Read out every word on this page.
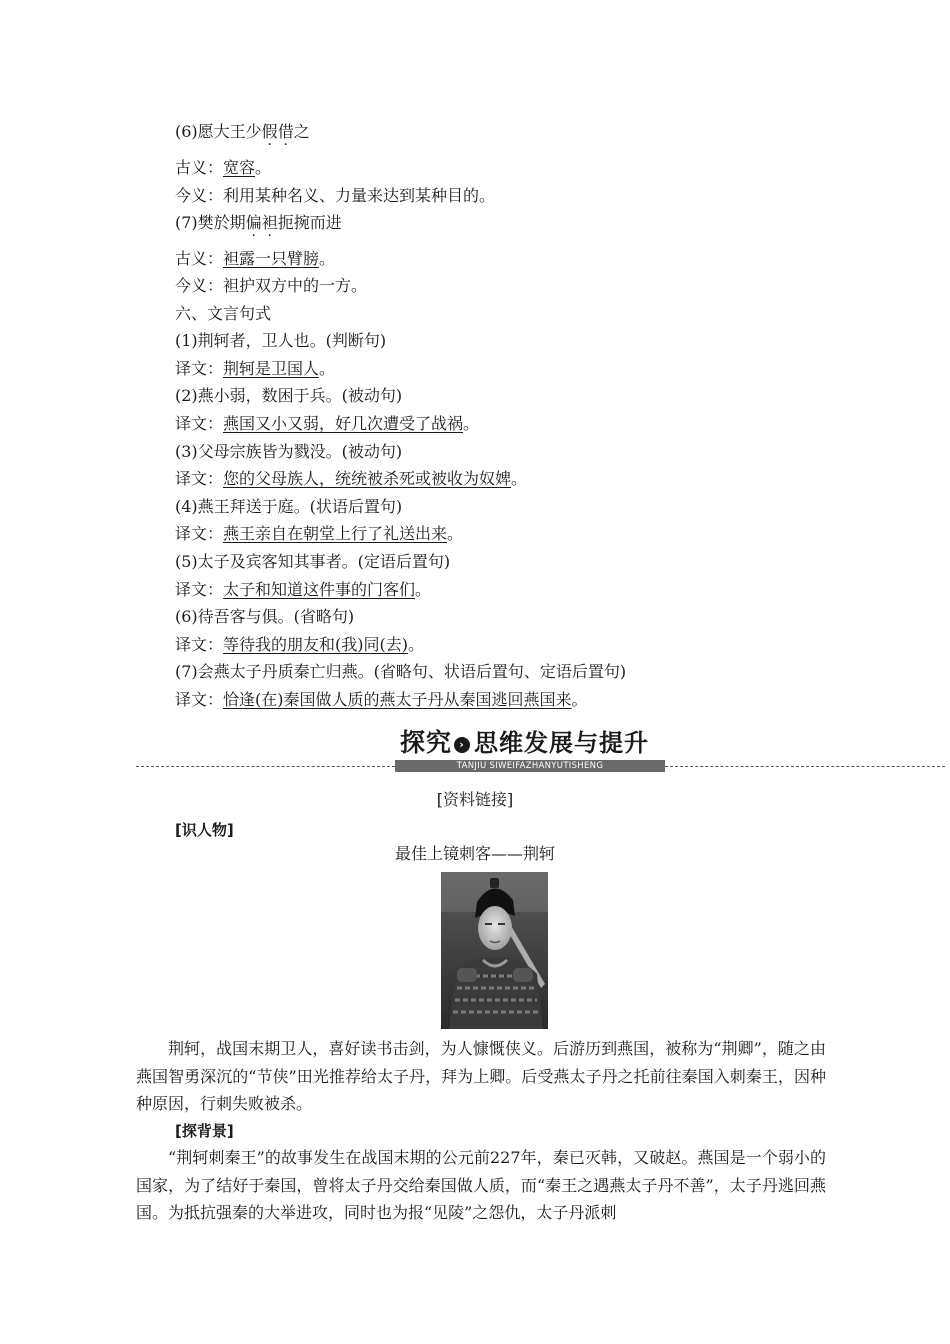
(6)愿大王少假借之
古义：宽容。
今义：利用某种名义、力量来达到某种目的。
(7)樊於期偏袒扼捥而进
古义：袒露一只臂膀。
今义：袒护双方中的一方。
六、文言句式
(1)荆轲者，卫人也。(判断句)
译文：荆轲是卫国人。
(2)燕小弱，数困于兵。(被动句)
译文：燕国又小又弱，好几次遭受了战祸。
(3)父母宗族皆为戮没。(被动句)
译文：您的父母族人，统统被杀死或被收为奴婢。
(4)燕王拜送于庭。(状语后置句)
译文：燕王亲自在朝堂上行了礼送出来。
(5)太子及宾客知其事者。(定语后置句)
译文：太子和知道这件事的门客们。
(6)待吾客与俱。(省略句)
译文：等待我的朋友和(我)同(去)。
(7)会燕太子丹质秦亡归燕。(省略句、状语后置句、定语后置句)
译文：恰逢(在)秦国做人质的燕太子丹从秦国逃回燕国来。
探究 › 思维发展与提升
TANJIU SIWEIFAZHANYUTISHENG
[资料链接]
[识人物]
最佳上镜刺客——荆轲
荆轲，战国末期卫人，喜好读书击剑，为人慷慨侠义。后游历到燕国，被称为“荆卿”，随之由燕国智勇深沉的“节侠”田光推荐给太子丹，拜为上卿。后受燕太子丹之托前往秦国入刺秦王，因种种原因，行刺失败被杀。
[探背景]
“荆轲刺秦王”的故事发生在战国末期的公元前227年，秦已灭韩，又破赵。燕国是一个弱小的国家，为了结好于秦国，曾将太子丹交给秦国做人质，而“秦王之遇燕太子丹不善”，太子丹逃回燕国。为抵抗强秦的大举进攻，同时也为报“见陵”之怨仇，太子丹派刺
